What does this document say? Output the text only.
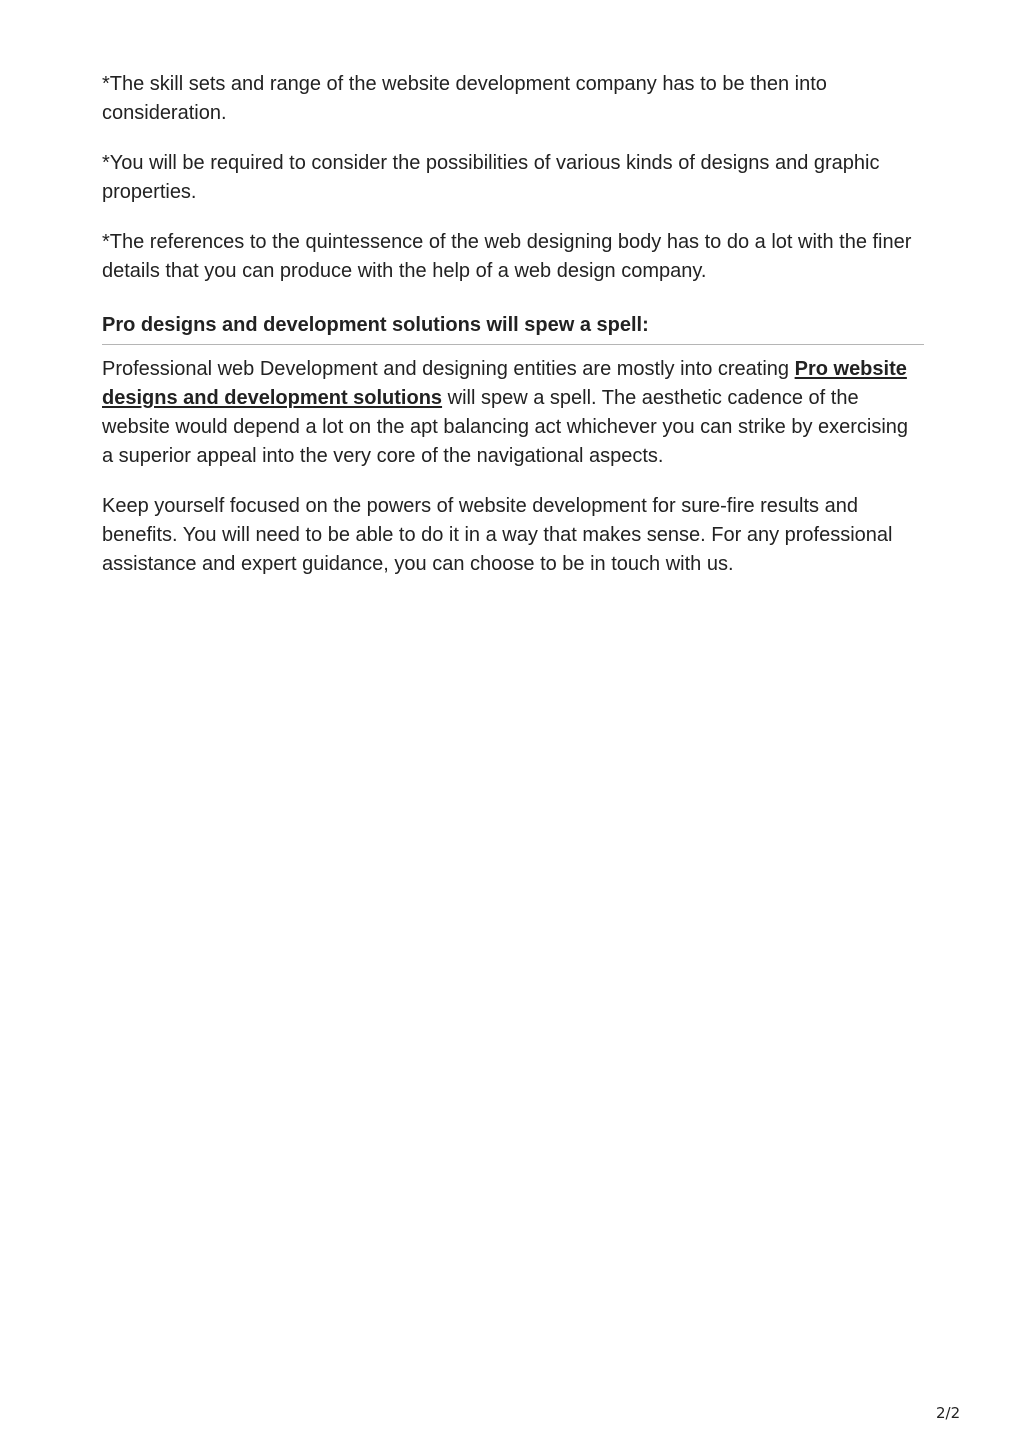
*The skill sets and range of the website development company has to be then into consideration.

*You will be required to consider the possibilities of various kinds of designs and graphic properties.

*The references to the quintessence of the web designing body has to do a lot with the finer details that you can produce with the help of a web design company.

Pro designs and development solutions will spew a spell:

Professional web Development and designing entities are mostly into creating Pro website designs and development solutions will spew a spell. The aesthetic cadence of the website would depend a lot on the apt balancing act whichever you can strike by exercising a superior appeal into the very core of the navigational aspects.

Keep yourself focused on the powers of website development for sure-fire results and benefits. You will need to be able to do it in a way that makes sense. For any professional assistance and expert guidance, you can choose to be in touch with us.

2/2
